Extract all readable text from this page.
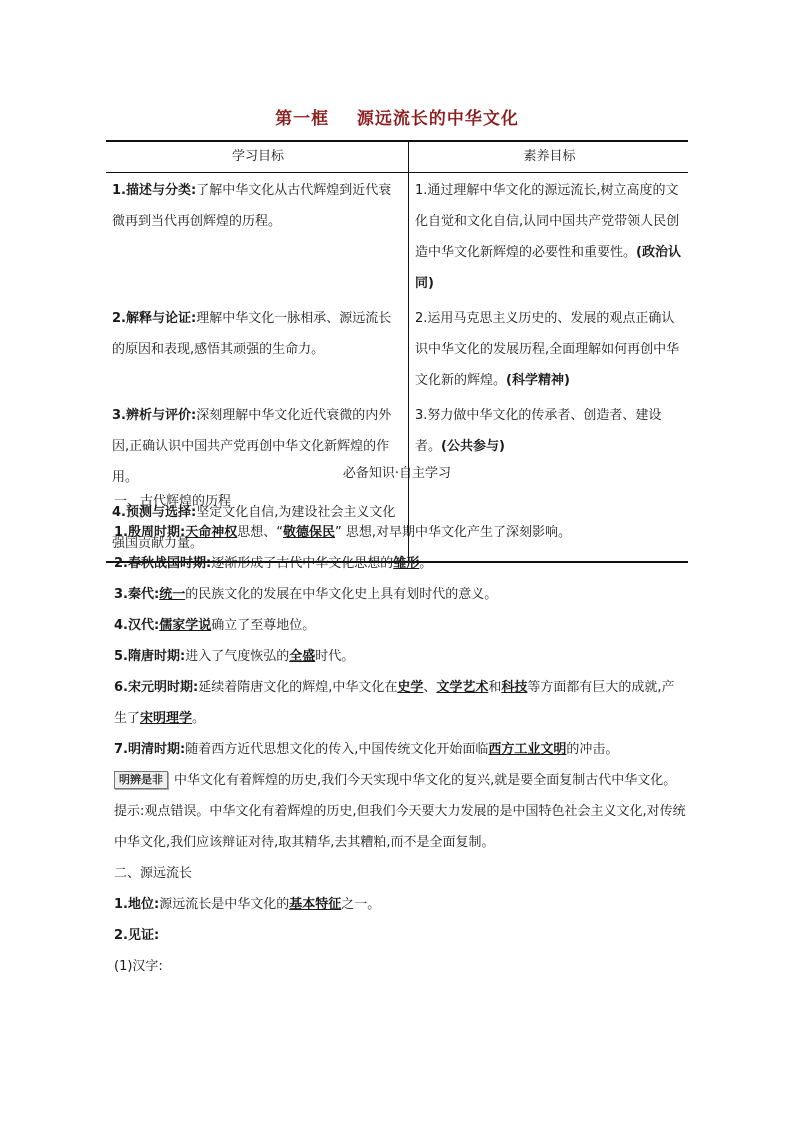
第一框    源远流长的中华文化
学习目标	素养目标
1.描述与分类:了解中华文化从古代辉煌到近代衰微再到当代再创辉煌的历程。	1.通过理解中华文化的源远流长,树立高度的文化自觉和文化自信,认同中国共产党带领人民创造中华文化新辉煌的必要性和重要性。(政治认同)
2.解释与论证:理解中华文化一脉相承、源远流长的原因和表现,感悟其顽强的生命力。	2.运用马克思主义历史的、发展的观点正确认识中华文化的发展历程,全面理解如何再创中华文化新的辉煌。(科学精神)
3.辨析与评价:深刻理解中华文化近代衰微的内外因,正确认识中国共产党再创中华文化新辉煌的作用。	3.努力做中华文化的传承者、创造者、建设者。(公共参与)
4.预测与选择:坚定文化自信,为建设社会主义文化强国贡献力量。	
必备知识·自主学习
一、古代辉煌的历程
1.殷周时期:天命神权思想、“敬德保民” 思想,对早期中华文化产生了深刻影响。
2.春秋战国时期:逐渐形成了古代中华文化思想的雏形。
3.秦代:统一的民族文化的发展在中华文化史上具有划时代的意义。
4.汉代:儒家学说确立了至尊地位。
5.隋唐时期:进入了气度恢弘的全盛时代。
6.宋元明时期:延续着隋唐文化的辉煌,中华文化在史学、文学艺术和科技等方面都有巨大的成就,产生了宋明理学。
7.明清时期:随着西方近代思想文化的传入,中国传统文化开始面临西方工业文明的冲击。
明辨是非 中华文化有着辉煌的历史,我们今天实现中华文化的复兴,就是要全面复制古代中华文化。
提示:观点错误。中华文化有着辉煌的历史,但我们今天要大力发展的是中国特色社会主义文化,对传统中华文化,我们应该辩证对待,取其精华,去其糟粕,而不是全面复制。
二、源远流长
1.地位:源远流长是中华文化的基本特征之一。
2.见证:
(1)汉字:
